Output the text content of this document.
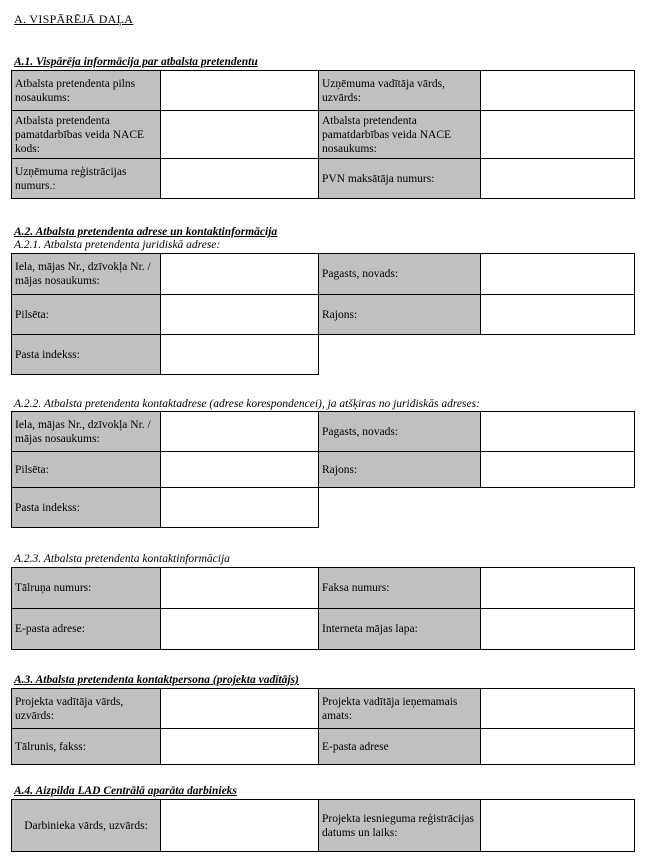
A. VISPĀRĒJĀ DAĻA
A.1. Vispārēja informācija par atbalsta pretendentu
Atbalsta pretendenta pilns nosaukums:		Uzņēmuma vadītāja vārds, uzvārds:	
Atbalsta pretendenta pamatdarbības veida NACE kods:		Atbalsta pretendenta pamatdarbības veida NACE nosaukums:	
Uzņēmuma reģistrācijas numurs.:		PVN maksātāja numurs:	
A.2. Atbalsta pretendenta adrese un kontaktinformācija
A.2.1. Atbalsta pretendenta juridiskā adrese:
Iela, mājas Nr., dzīvokļa Nr. / mājas nosaukums:		Pagasts, novads:	
Pilsēta:		Rajons:	
Pasta indekss:			
A.2.2. Atbalsta pretendenta kontaktadrese (adrese korespondencei), ja atšķiras no juridiskās adreses:
Iela, mājas Nr., dzīvokļa Nr. / mājas nosaukums:		Pagasts, novads:	
Pilsēta:		Rajons:	
Pasta indekss:			
A.2.3. Atbalsta pretendenta kontaktinformācija
Tālruņa numurs:		Faksa numurs:	
E-pasta adrese:		Interneta mājas lapa:	
A.3. Atbalsta pretendenta kontaktpersona (projekta vadītājs)
Projekta vadītāja vārds, uzvārds:		Projekta vadītāja ieņemamais amats:	
Tālrunis, fakss:		E-pasta adrese	
A.4. Aizpilda LAD Centrālā aparāta darbinieks
Darbinieka vārds, uzvārds:		Projekta iesnieguma reģistrācijas datums un laiks:	
